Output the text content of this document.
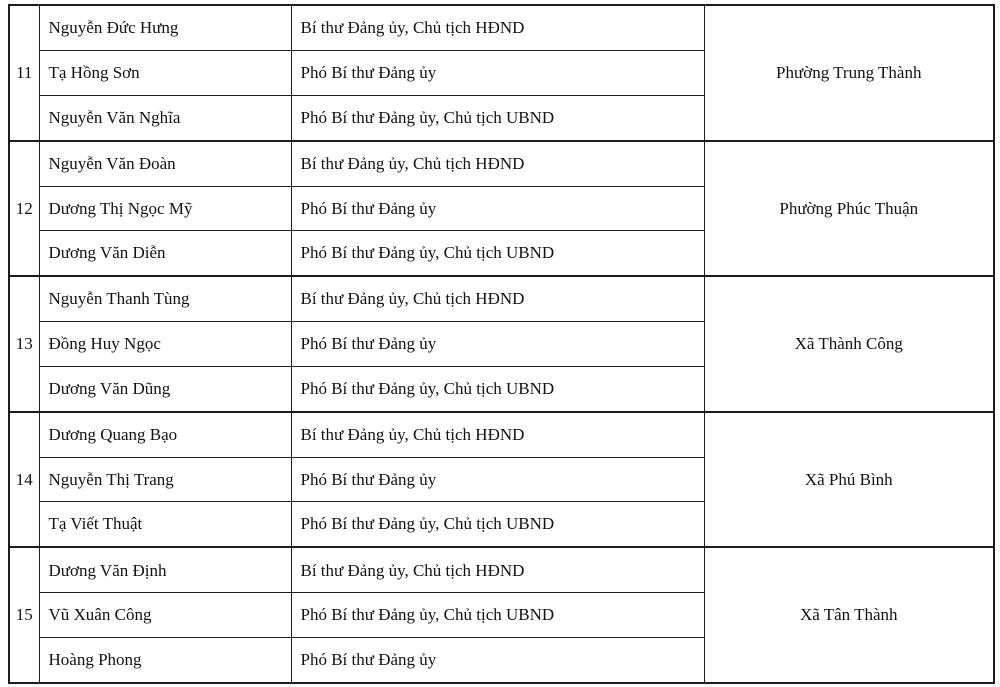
11	Nguyễn Đức Hưng	Bí thư Đảng ủy, Chủ tịch HĐND	Phường Trung Thành
	Tạ Hồng Sơn	Phó Bí thư Đảng ủy	
	Nguyễn Văn Nghĩa	Phó Bí thư Đảng ủy, Chủ tịch UBND	
12	Nguyễn Văn Đoàn	Bí thư Đảng ủy, Chủ tịch HĐND	Phường Phúc Thuận
	Dương Thị Ngọc Mỹ	Phó Bí thư Đảng ủy	
	Dương Văn Diễn	Phó Bí thư Đảng ủy, Chủ tịch UBND	
13	Nguyễn Thanh Tùng	Bí thư Đảng ủy, Chủ tịch HĐND	Xã Thành Công
	Đồng Huy Ngọc	Phó Bí thư Đảng ủy	
	Dương Văn Dũng	Phó Bí thư Đảng ủy, Chủ tịch UBND	
14	Dương Quang Bạo	Bí thư Đảng ủy, Chủ tịch HĐND	Xã Phú Bình
	Nguyễn Thị Trang	Phó Bí thư Đảng ủy	
	Tạ Viết Thuật	Phó Bí thư Đảng ủy, Chủ tịch UBND	
15	Dương Văn Định	Bí thư Đảng ủy, Chủ tịch HĐND	Xã Tân Thành
	Vũ Xuân Công	Phó Bí thư Đảng ủy, Chủ tịch UBND	
	Hoàng Phong	Phó Bí thư Đảng ủy	
